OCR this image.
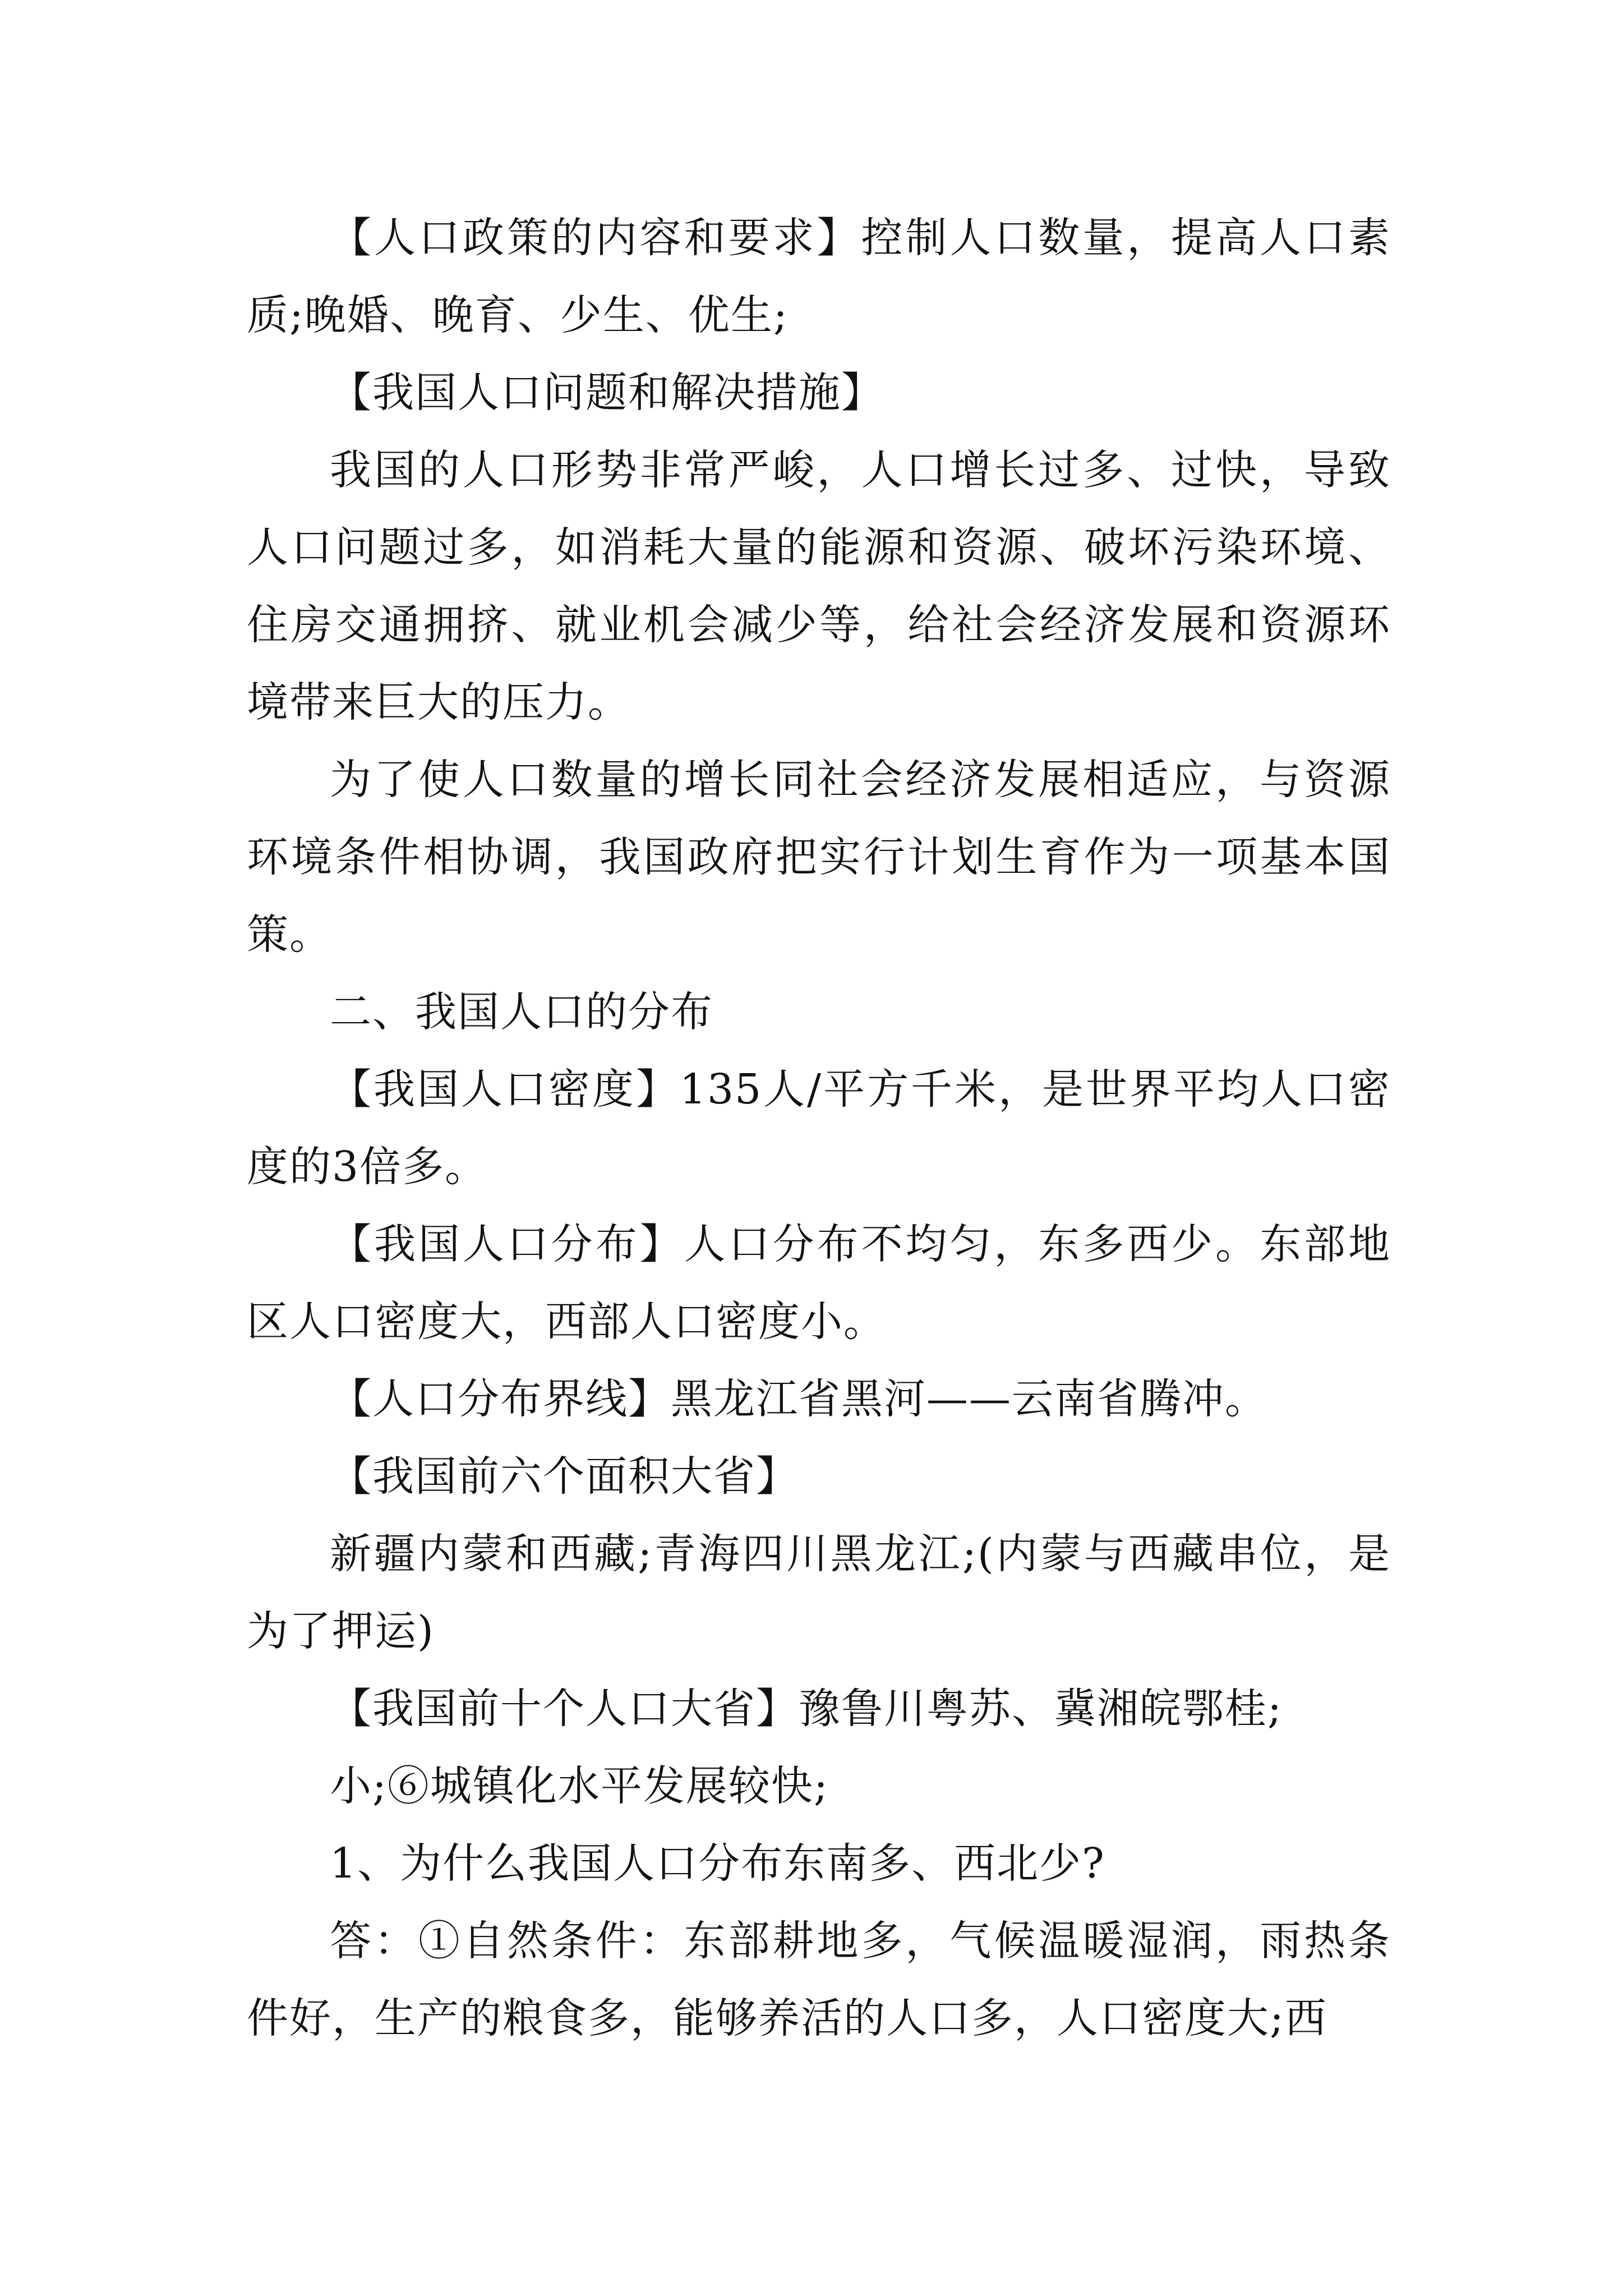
【人口政策的内容和要求】控制人口数量，提高人口素质;晚婚、晚育、少生、优生;

【我国人口问题和解决措施】

我国的人口形势非常严峻，人口增长过多、过快，导致人口问题过多，如消耗大量的能源和资源、破坏污染环境、住房交通拥挤、就业机会减少等，给社会经济发展和资源环境带来巨大的压力。

为了使人口数量的增长同社会经济发展相适应，与资源环境条件相协调，我国政府把实行计划生育作为一项基本国策。

二、我国人口的分布

【我国人口密度】135人/平方千米，是世界平均人口密度的3倍多。

【我国人口分布】人口分布不均匀，东多西少。东部地区人口密度大，西部人口密度小。

【人口分布界线】黑龙江省黑河——云南省腾冲。

【我国前六个面积大省】

新疆内蒙和西藏;青海四川黑龙江;(内蒙与西藏串位，是为了押运)

【我国前十个人口大省】豫鲁川粤苏、冀湘皖鄂桂;

小;⑥城镇化水平发展较快;

1、为什么我国人口分布东南多、西北少?

答：①自然条件：东部耕地多，气候温暖湿润，雨热条件好，生产的粮食多，能够养活的人口多，人口密度大;西
